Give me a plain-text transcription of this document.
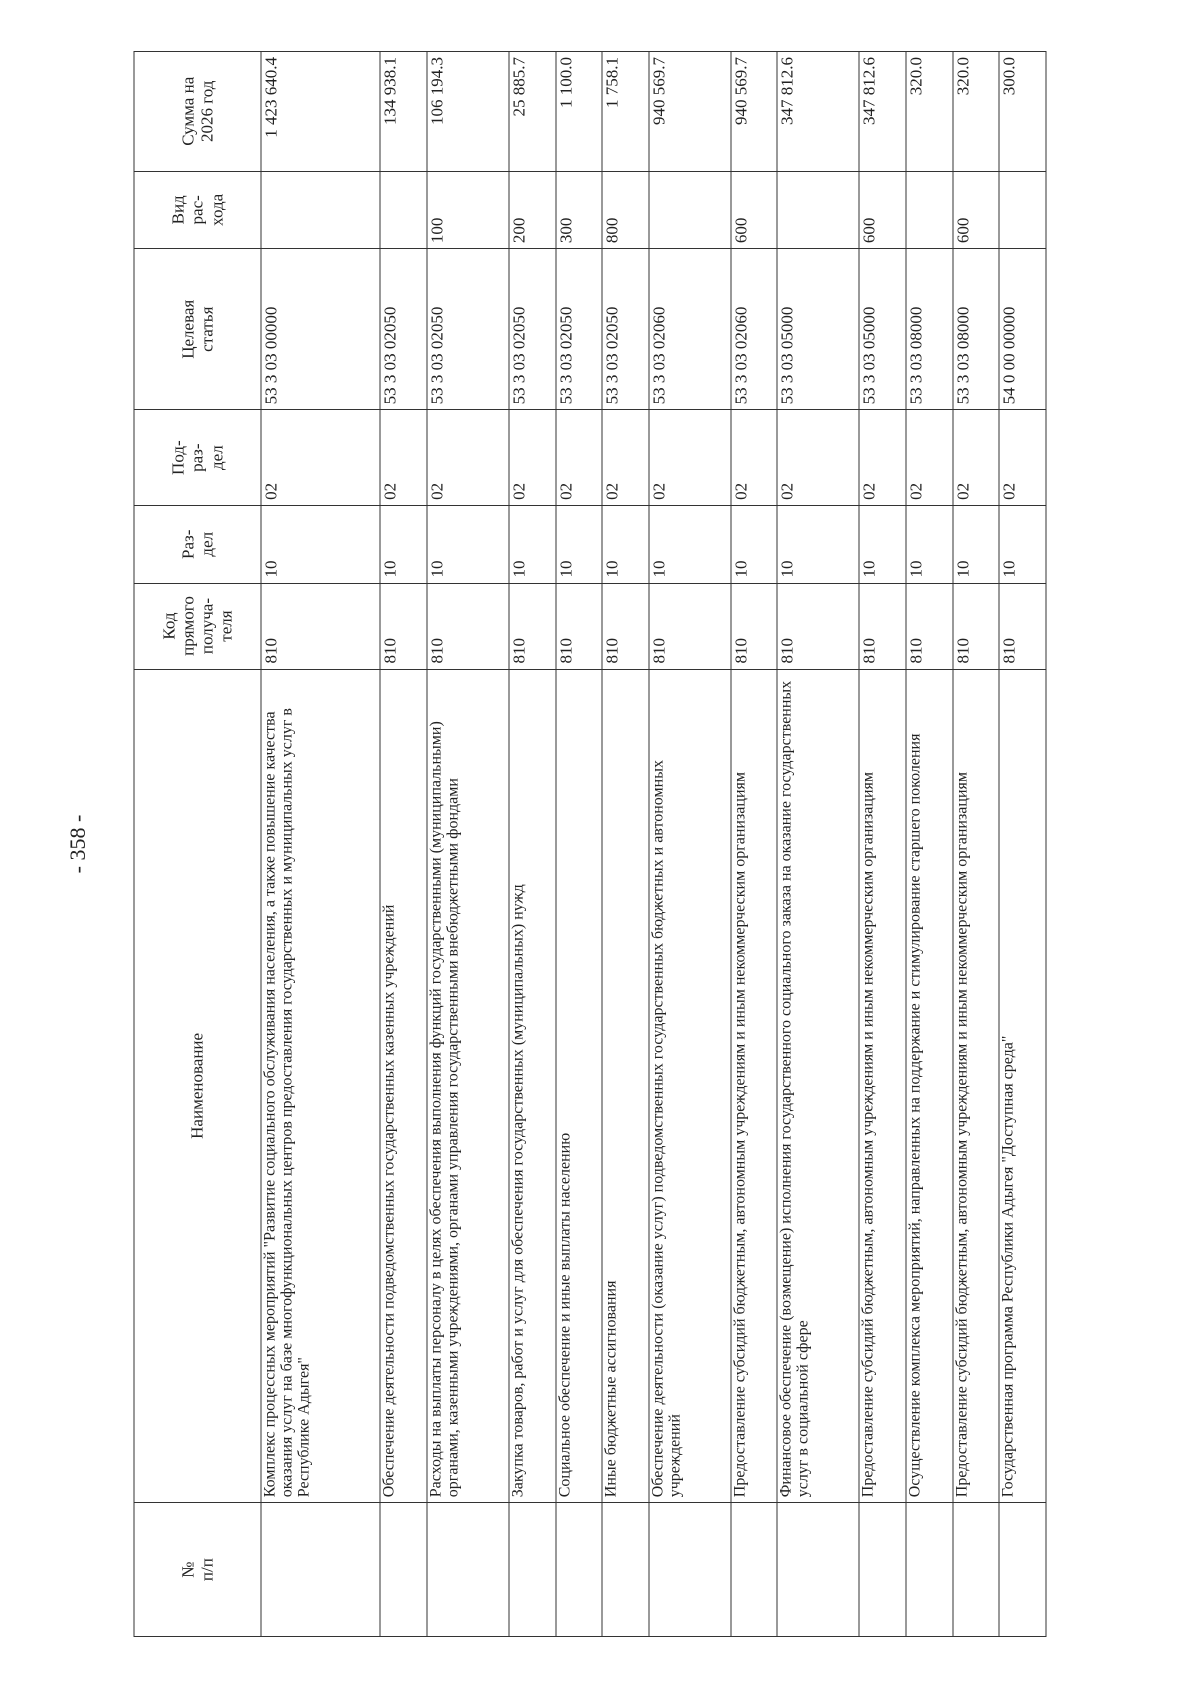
- 358 -
№
п/п	Наименование	Код
прямого
получа-
теля	Раз-
дел	Под-
раз-
дел	Целевая
статья	Вид
рас-
хода	Сумма на
2026 год
	Комплекс процессных мероприятий "Развитие социального обслуживания населения, а также повышение качества оказания услуг на базе многофункциональных центров предоставления государственных и муниципальных услуг в Республике Адыгея"	810	10	02	53 3 03 00000		1 423 640.4
	Обеспечение деятельности подведомственных государственных казенных учреждений	810	10	02	53 3 03 02050		134 938.1
	Расходы на выплаты персоналу в целях обеспечения выполнения функций государственными (муниципальными) органами, казенными учреждениями, органами управления государственными внебюджетными фондами	810	10	02	53 3 03 02050	100	106 194.3
	Закупка товаров, работ и услуг для обеспечения государственных (муниципальных) нужд	810	10	02	53 3 03 02050	200	25 885.7
	Социальное обеспечение и иные выплаты населению	810	10	02	53 3 03 02050	300	1 100.0
	Иные бюджетные ассигнования	810	10	02	53 3 03 02050	800	1 758.1
	Обеспечение деятельности (оказание услуг) подведомственных государственных бюджетных и автономных учреждений	810	10	02	53 3 03 02060		940 569.7
	Предоставление субсидий бюджетным, автономным учреждениям и иным некоммерческим организациям	810	10	02	53 3 03 02060	600	940 569.7
	Финансовое обеспечение (возмещение) исполнения государственного социального заказа на оказание государственных услуг в социальной сфере	810	10	02	53 3 03 05000		347 812.6
	Предоставление субсидий бюджетным, автономным учреждениям и иным некоммерческим организациям	810	10	02	53 3 03 05000	600	347 812.6
	Осуществление комплекса мероприятий, направленных на поддержание и стимулирование старшего поколения	810	10	02	53 3 03 08000		320.0
	Предоставление субсидий бюджетным, автономным учреждениям и иным некоммерческим организациям	810	10	02	53 3 03 08000	600	320.0
	Государственная программа Республики Адыгея "Доступная среда"	810	10	02	54 0 00 00000		300.0
